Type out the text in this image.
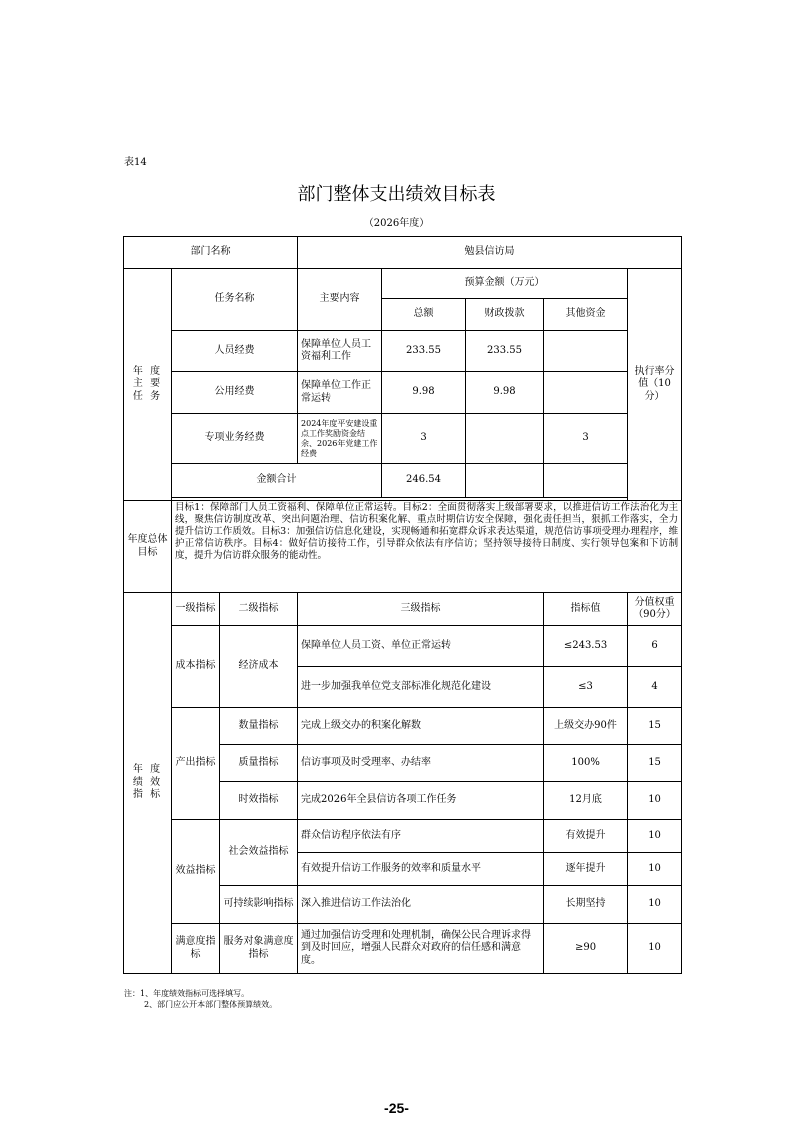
表14
部门整体支出绩效目标表
（2026年度）
部门名称			勉县信访局				
年 度 主 要 任 务	任务名称		主要内容	预算金额（万元）			执行率分值（10分）
				总额	财政拨款	其他资金	
	人员经费		保障单位人员工资福利工作	233.55	233.55		
	公用经费		保障单位工作正常运转	9.98	9.98		
	专项业务经费		2024年度平安建设重点工作奖励资金结余、2026年党建工作经费	3		3	
	金额合计			246.54			

年度总体目标	目标1：保障部门人员工资福利、保障单位正常运转。目标2：全面贯彻落实上级部署要求，以推进信访工作法治化为主线，聚焦信访制度改革、突出问题治理、信访积案化解、重点时期信访安全保障，强化责任担当，狠抓工作落实，全力提升信访工作质效。目标3：加强信访信息化建设，实现畅通和拓宽群众诉求表达渠道，规范信访事项受理办理程序，维护正常信访秩序。目标4：做好信访接待工作，引导群众依法有序信访；坚持领导接待日制度、实行领导包案和下访制度，提升为信访群众服务的能动性。						
年 度 绩 效 指 标	一级指标	二级指标	三级指标			指标值	分值权重（90分）
	成本指标	经济成本	保障单位人员工资、单位正常运转			≤243.53	6
			进一步加强我单位党支部标准化规范化建设			≤3	4
	产出指标	数量指标	完成上级交办的积案化解数			上级交办90件	15
		质量指标	信访事项及时受理率、办结率			100%	15
		时效指标	完成2026年全县信访各项工作任务			12月底	10
	效益指标	社会效益指标	群众信访程序依法有序			有效提升	10
			有效提升信访工作服务的效率和质量水平			逐年提升	10
		可持续影响指标	深入推进信访工作法治化			长期坚持	10
	满意度指标	服务对象满意度指标	通过加强信访受理和处理机制，确保公民合理诉求得到及时回应，增强人民群众对政府的信任感和满意度。			≥90	10
注：1、年度绩效指标可选择填写。
2、部门应公开本部门整体预算绩效。
-25-
